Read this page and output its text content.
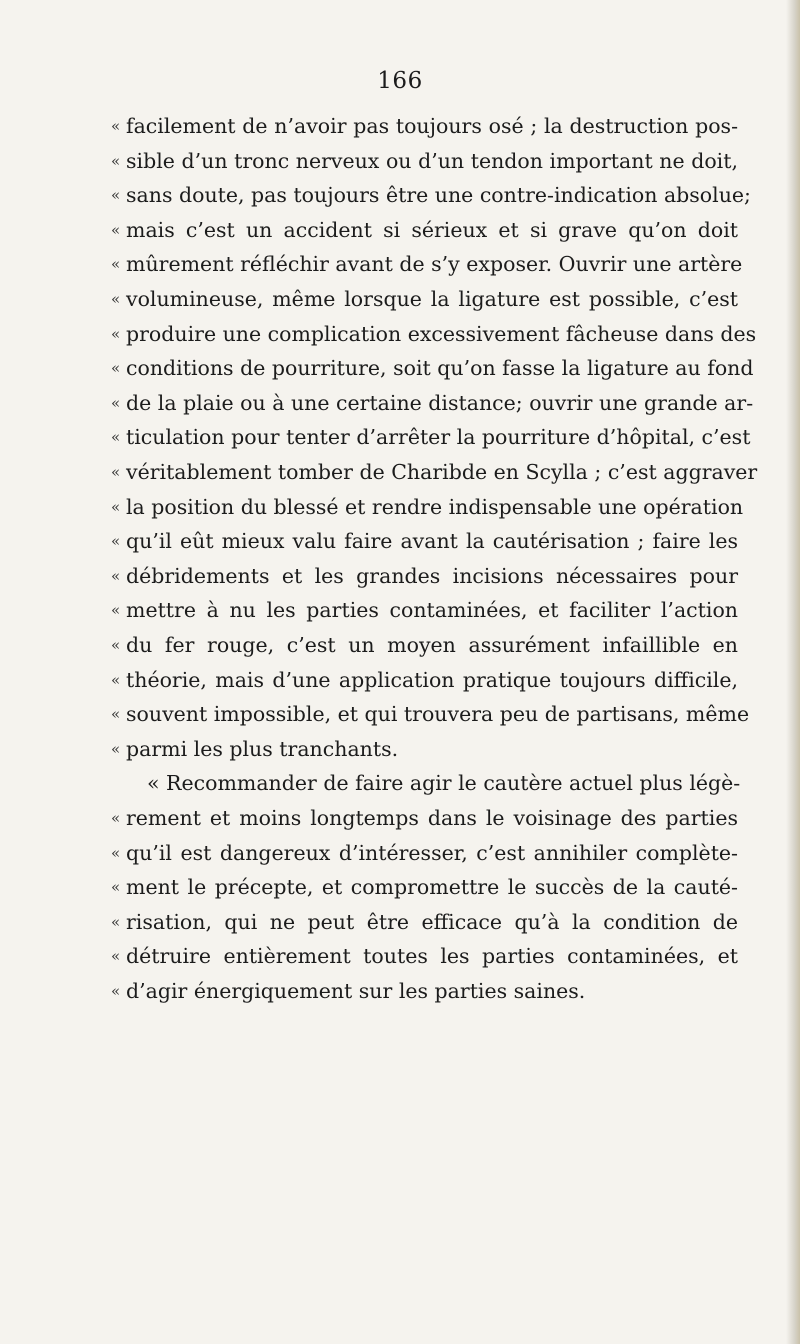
166
« facilement de n’avoir pas toujours osé ; la destruction pos-
« sible d’un tronc nerveux ou d’un tendon important ne doit,
« sans doute, pas toujours être une contre-indication absolue;
« mais c’est un accident si sérieux et si grave qu’on doit
« mûrement réfléchir avant de s’y exposer. Ouvrir une artère
« volumineuse, même lorsque la ligature est possible, c’est
« produire une complication excessivement fâcheuse dans des
« conditions de pourriture, soit qu’on fasse la ligature au fond
« de la plaie ou à une certaine distance; ouvrir une grande ar-
« ticulation pour tenter d’arrêter la pourriture d’hôpital, c’est
« véritablement tomber de Charibde en Scylla ; c’est aggraver
« la position du blessé et rendre indispensable une opération
« qu’il eût mieux valu faire avant la cautérisation ; faire les
« débridements et les grandes incisions nécessaires pour
« mettre à nu les parties contaminées, et faciliter l’action
« du fer rouge, c’est un moyen assurément infaillible en
« théorie, mais d’une application pratique toujours difficile,
« souvent impossible, et qui trouvera peu de partisans, même
« parmi les plus tranchants.
« Recommander de faire agir le cautère actuel plus légè-
« rement et moins longtemps dans le voisinage des parties
« qu’il est dangereux d’intéresser, c’est annihiler complète-
« ment le précepte, et compromettre le succès de la cauté-
« risation, qui ne peut être efficace qu’à la condition de
« détruire entièrement toutes les parties contaminées, et
« d’agir énergiquement sur les parties saines.
